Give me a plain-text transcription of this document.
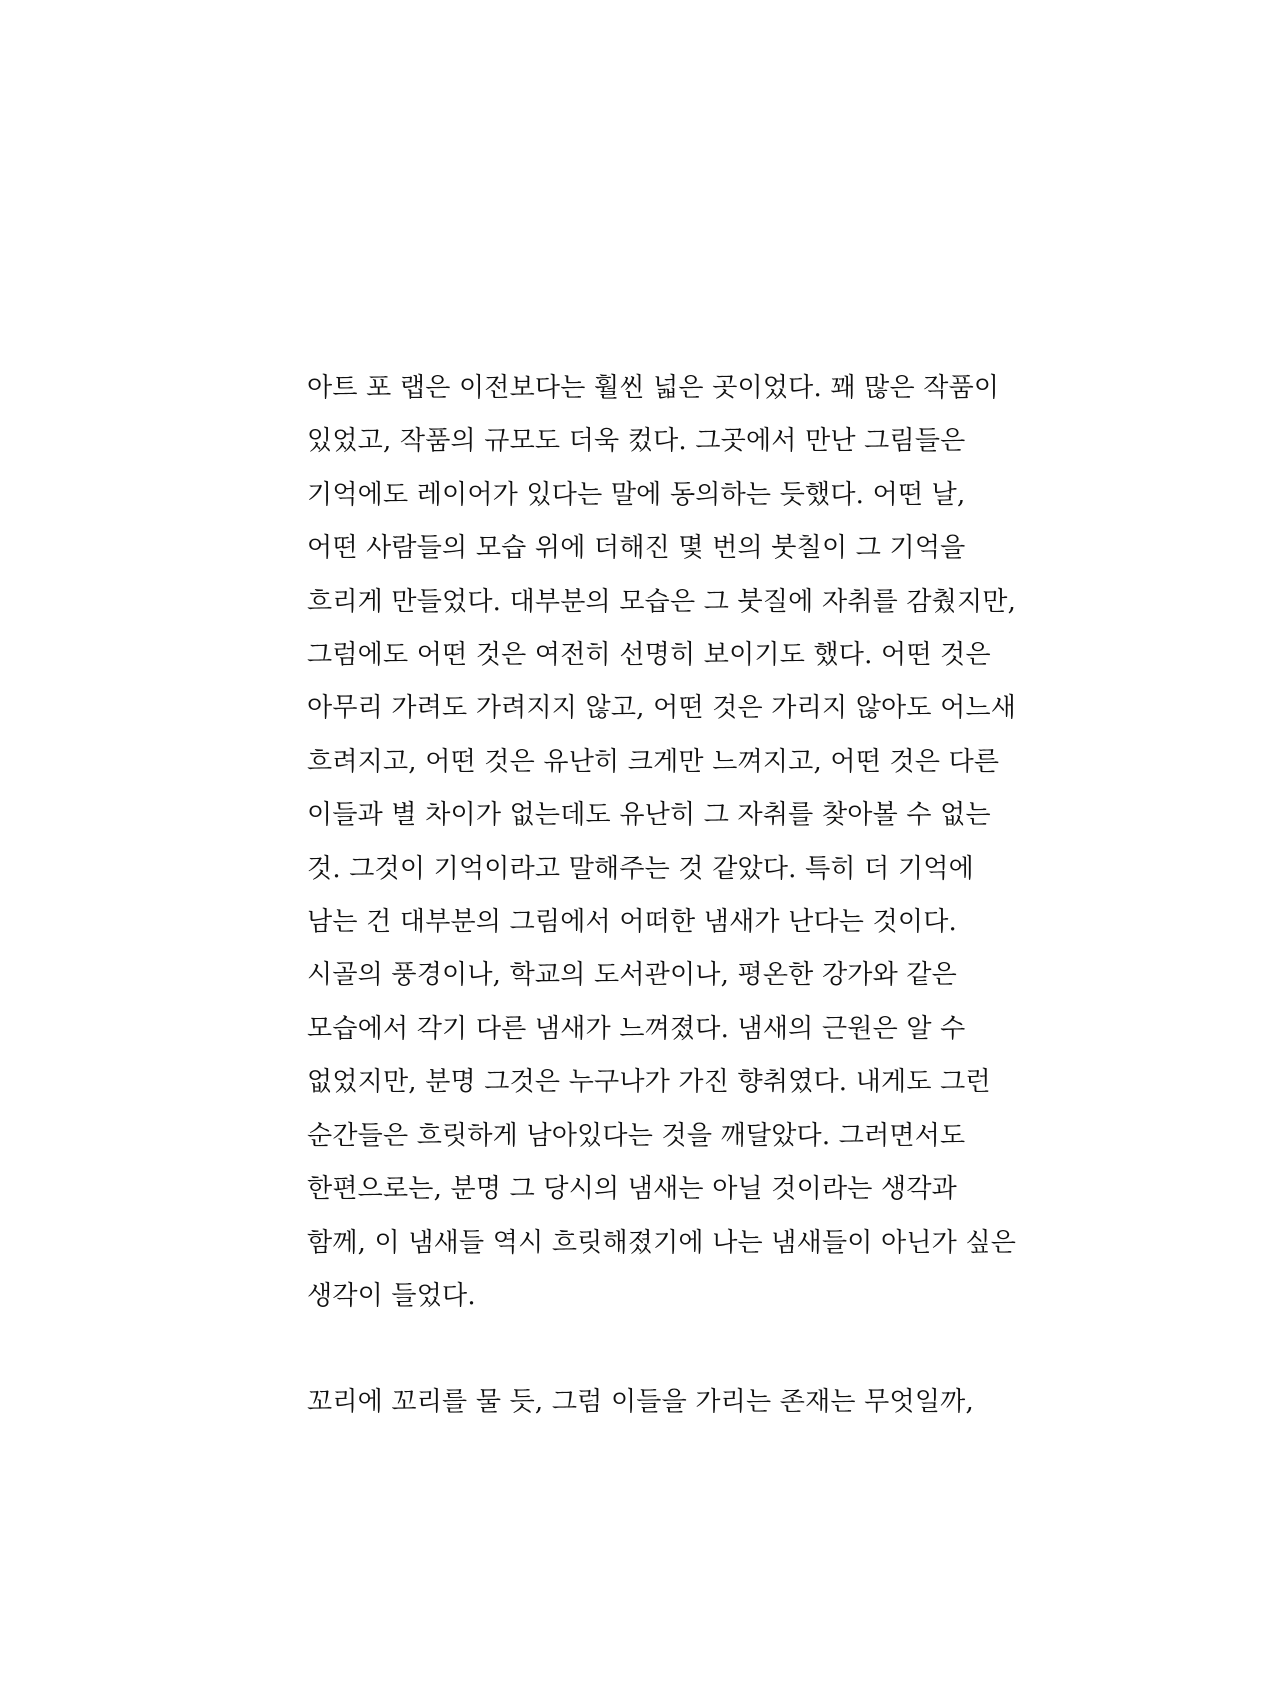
아트 포 랩은 이전보다는 훨씬 넓은 곳이었다. 꽤 많은 작품이
있었고, 작품의 규모도 더욱 컸다. 그곳에서 만난 그림들은
기억에도 레이어가 있다는 말에 동의하는 듯했다. 어떤 날,
어떤 사람들의 모습 위에 더해진 몇 번의 붓칠이 그 기억을
흐리게 만들었다. 대부분의 모습은 그 붓질에 자취를 감췄지만,
그럼에도 어떤 것은 여전히 선명히 보이기도 했다. 어떤 것은
아무리 가려도 가려지지 않고, 어떤 것은 가리지 않아도 어느새
흐려지고, 어떤 것은 유난히 크게만 느껴지고, 어떤 것은 다른
이들과 별 차이가 없는데도 유난히 그 자취를 찾아볼 수 없는
것. 그것이 기억이라고 말해주는 것 같았다. 특히 더 기억에
남는 건 대부분의 그림에서 어떠한 냄새가 난다는 것이다.
시골의 풍경이나, 학교의 도서관이나, 평온한 강가와 같은
모습에서 각기 다른 냄새가 느껴졌다. 냄새의 근원은 알 수
없었지만, 분명 그것은 누구나가 가진 향취였다. 내게도 그런
순간들은 흐릿하게 남아있다는 것을 깨달았다. 그러면서도
한편으로는, 분명 그 당시의 냄새는 아닐 것이라는 생각과
함께, 이 냄새들 역시 흐릿해졌기에 나는 냄새들이 아닌가 싶은
생각이 들었다.
꼬리에 꼬리를 물 듯, 그럼 이들을 가리는 존재는 무엇일까,
